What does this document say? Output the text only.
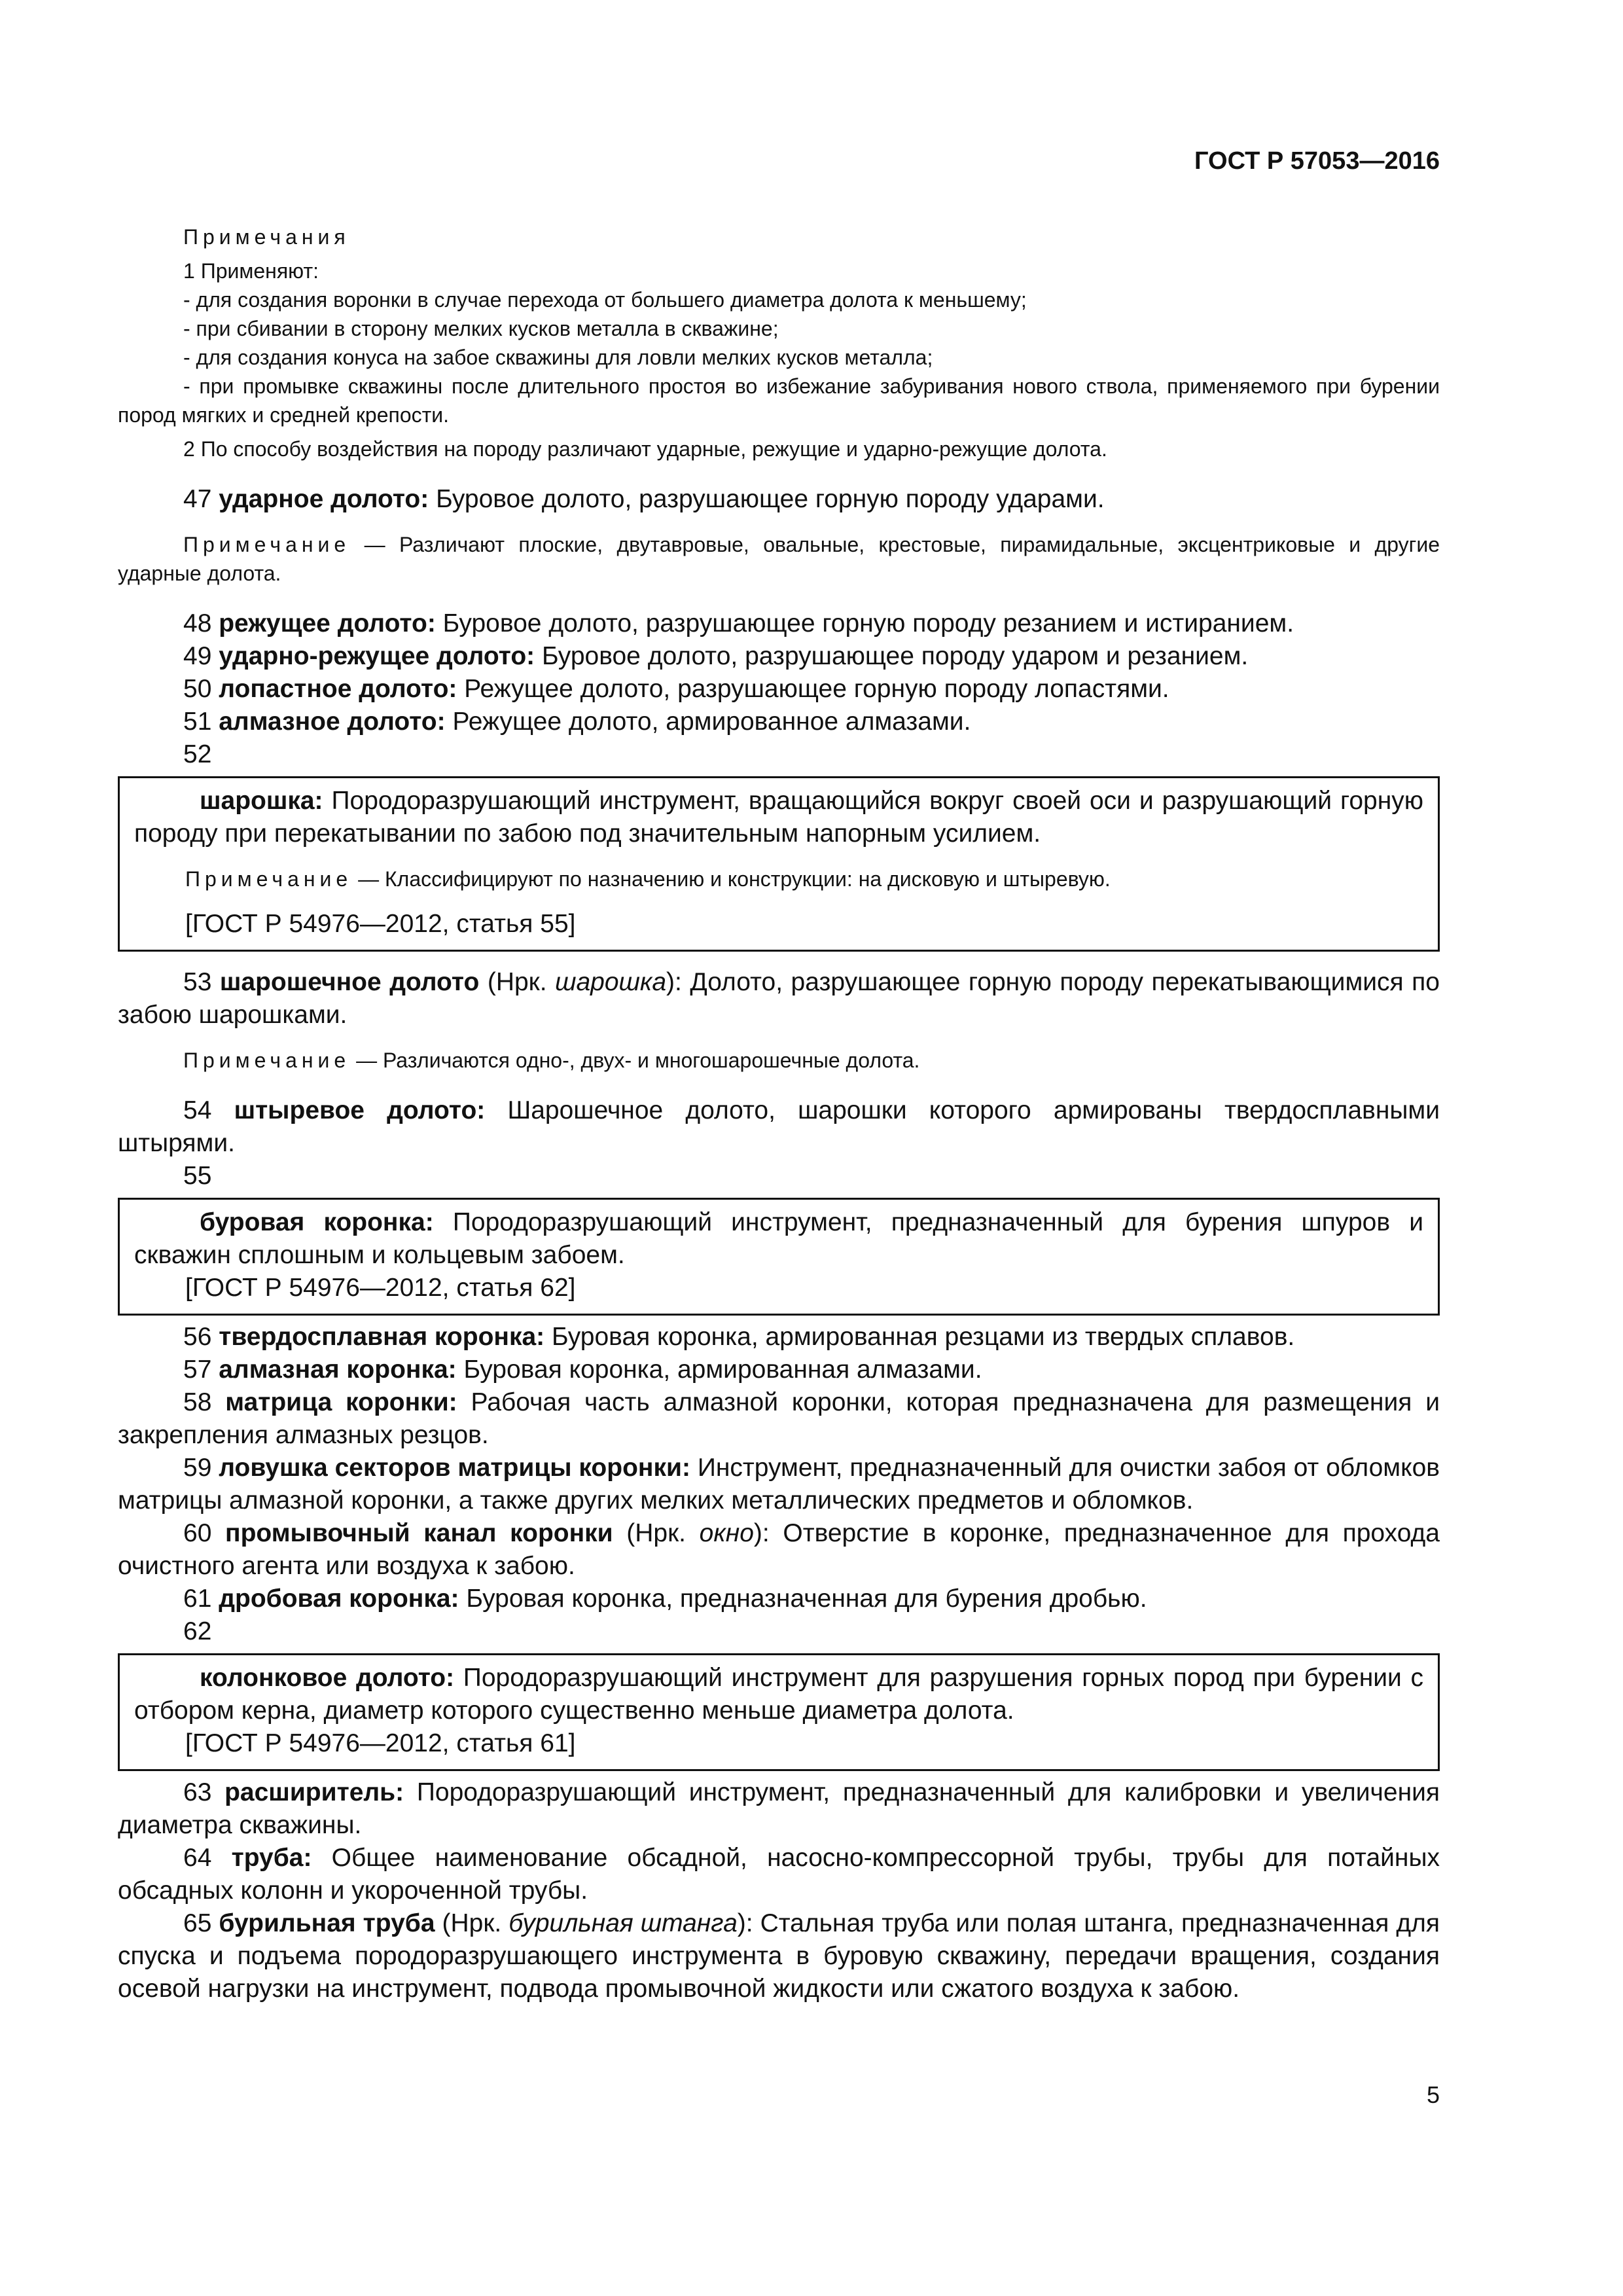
ГОСТ Р 57053—2016

Примечания

1 Применяют:

- для создания воронки в случае перехода от большего диаметра долота к меньшему;

- при сбивании в сторону мелких кусков металла в скважине;

- для создания конуса на забое скважины для ловли мелких кусков металла;

- при промывке скважины после длительного простоя во избежание забуривания нового ствола, применяемого при бурении пород мягких и средней крепости.

2 По способу воздействия на породу различают ударные, режущие и ударно-режущие долота.

47 ударное долото: Буровое долото, разрушающее горную породу ударами.

Примечание — Различают плоские, двутавровые, овальные, крестовые, пирамидальные, эксцентриковые и другие ударные долота.

48 режущее долото: Буровое долото, разрушающее горную породу резанием и истиранием.

49 ударно-режущее долото: Буровое долото, разрушающее породу ударом и резанием.

50 лопастное долото: Режущее долото, разрушающее горную породу лопастями.

51 алмазное долото: Режущее долото, армированное алмазами.

52

шарошка: Породоразрушающий инструмент, вращающийся вокруг своей оси и разрушающий горную породу при перекатывании по забою под значительным напорным усилием.

Примечание — Классифицируют по назначению и конструкции: на дисковую и штыревую.

[ГОСТ Р 54976—2012, статья 55]

53 шарошечное долото (Нрк. шарошка): Долото, разрушающее горную породу перекатывающимися по забою шарошками.

Примечание — Различаются одно-, двух- и многошарошечные долота.

54 штыревое долото: Шарошечное долото, шарошки которого армированы твердосплавными штырями.

55

буровая коронка: Породоразрушающий инструмент, предназначенный для бурения шпуров и скважин сплошным и кольцевым забоем.

[ГОСТ Р 54976—2012, статья 62]

56 твердосплавная коронка: Буровая коронка, армированная резцами из твердых сплавов.

57 алмазная коронка: Буровая коронка, армированная алмазами.

58 матрица коронки: Рабочая часть алмазной коронки, которая предназначена для размещения и закрепления алмазных резцов.

59 ловушка секторов матрицы коронки: Инструмент, предназначенный для очистки забоя от обломков матрицы алмазной коронки, а также других мелких металлических предметов и обломков.

60 промывочный канал коронки (Нрк. окно): Отверстие в коронке, предназначенное для прохода очистного агента или воздуха к забою.

61 дробовая коронка: Буровая коронка, предназначенная для бурения дробью.

62

колонковое долото: Породоразрушающий инструмент для разрушения горных пород при бурении с отбором керна, диаметр которого существенно меньше диаметра долота.

[ГОСТ Р 54976—2012, статья 61]

63 расширитель: Породоразрушающий инструмент, предназначенный для калибровки и увеличения диаметра скважины.

64 труба: Общее наименование обсадной, насосно-компрессорной трубы, трубы для потайных обсадных колонн и укороченной трубы.

65 бурильная труба (Нрк. бурильная штанга): Стальная труба или полая штанга, предназначенная для спуска и подъема породоразрушающего инструмента в буровую скважину, передачи вращения, создания осевой нагрузки на инструмент, подвода промывочной жидкости или сжатого воздуха к забою.

5
